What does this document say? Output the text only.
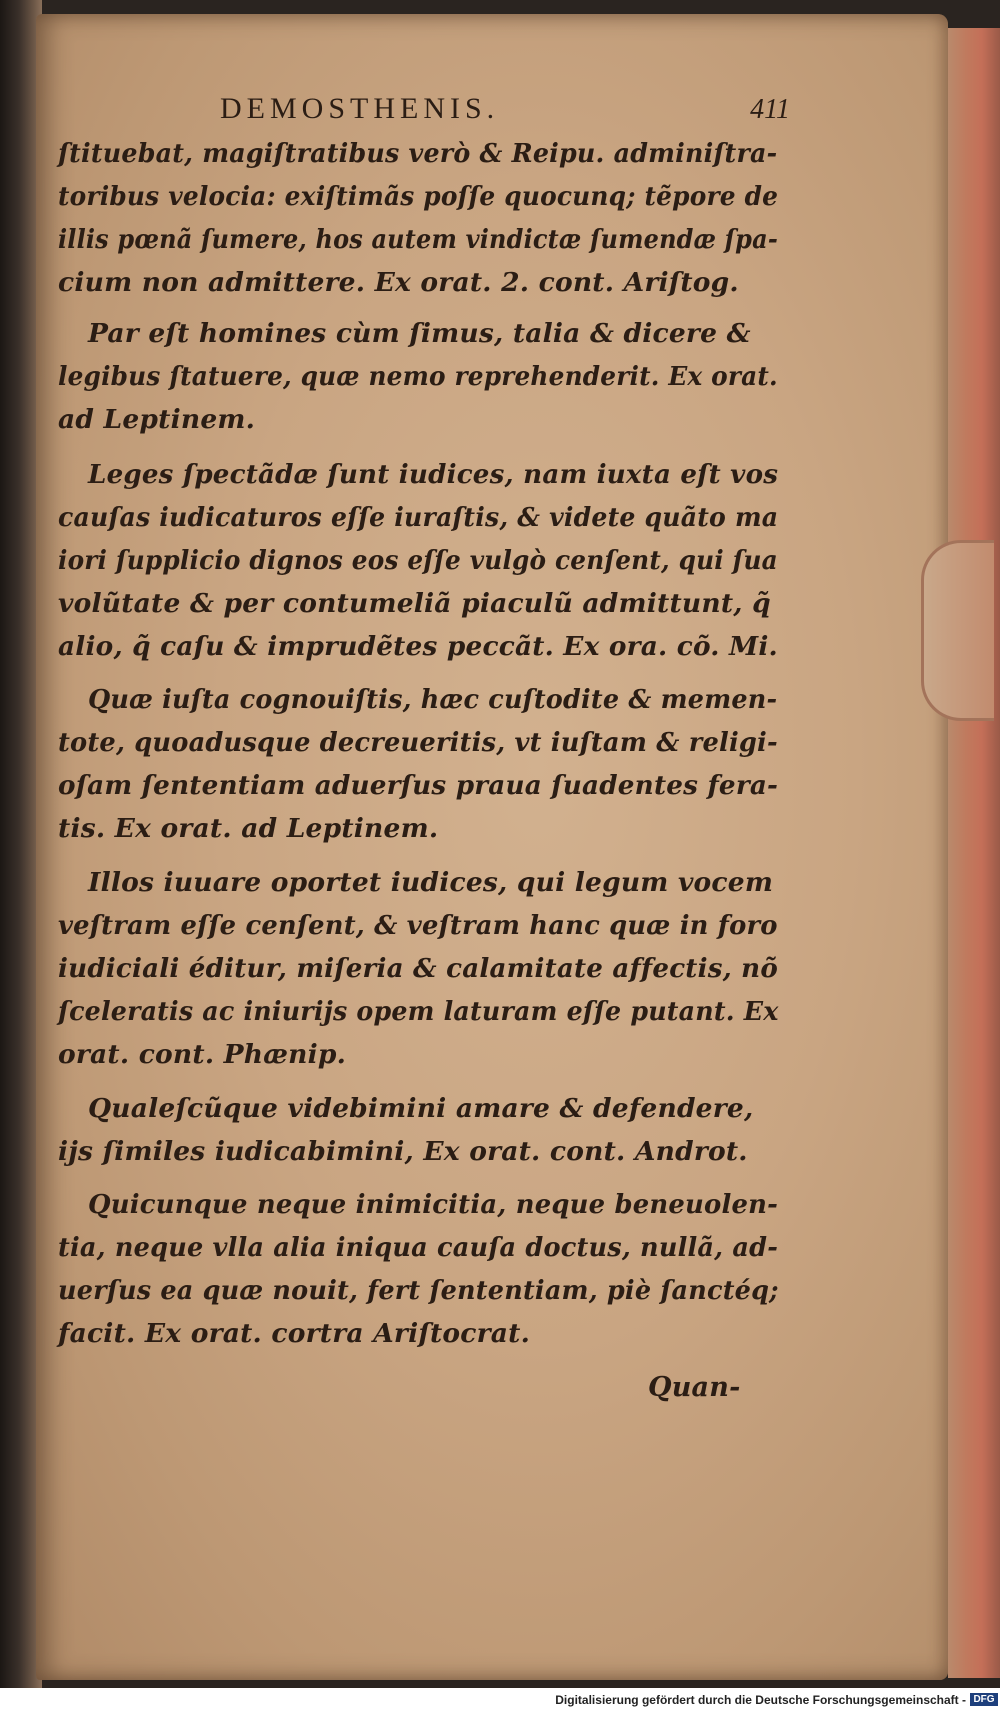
DEMOSTHENIS.	411
ſtituebat, magiſtratibus verò & Reipu. adminiſtra-
toribus velocia: exiſtimãs poſſe quocunq; tẽpore de
illis pœnã ſumere, hos autem vindictæ ſumendæ ſpa-
cium non admittere. Ex orat. 2. cont. Ariſtog.
Par eſt homines cùm ſimus, talia & dicere &
legibus ſtatuere, quæ nemo reprehenderit. Ex orat.
ad Leptinem.
Leges ſpectãdæ ſunt iudices, nam iuxta eſt vos
cauſas iudicaturos eſſe iuraſtis, & videte quãto ma
iori ſupplicio dignos eos eſſe vulgò cenſent, qui ſua
volũtate & per contumeliã piaculũ admittunt, q̃
alio, q̃ caſu & imprudẽtes peccãt. Ex ora. cõ. Mi.
Quæ iuſta cognouiſtis, hæc cuſtodite & memen-
tote, quoadusque decreueritis, vt iuſtam & religi-
oſam ſententiam aduerſus praua ſuadentes fera-
tis. Ex orat. ad Leptinem.
Illos iuuare oportet iudices, qui legum vocem
veſtram eſſe cenſent, & veſtram hanc quæ in foro
iudiciali éditur, miſeria & calamitate affectis, nõ
ſceleratis ac iniurijs opem laturam eſſe putant. Ex
orat. cont. Phænip.
Qualeſcũque videbimini amare & defendere,
ijs ſimiles iudicabimini, Ex orat. cont. Androt.
Quicunque neque inimicitia, neque beneuolen-
tia, neque vlla alia iniqua cauſa doctus, nullã, ad-
uerſus ea quæ nouit, fert ſententiam, piè ſanctéq;
facit. Ex orat. cortra Ariſtocrat.
Quan-
Digitalisierung gefördert durch die Deutsche Forschungsgemeinschaft - DFG
